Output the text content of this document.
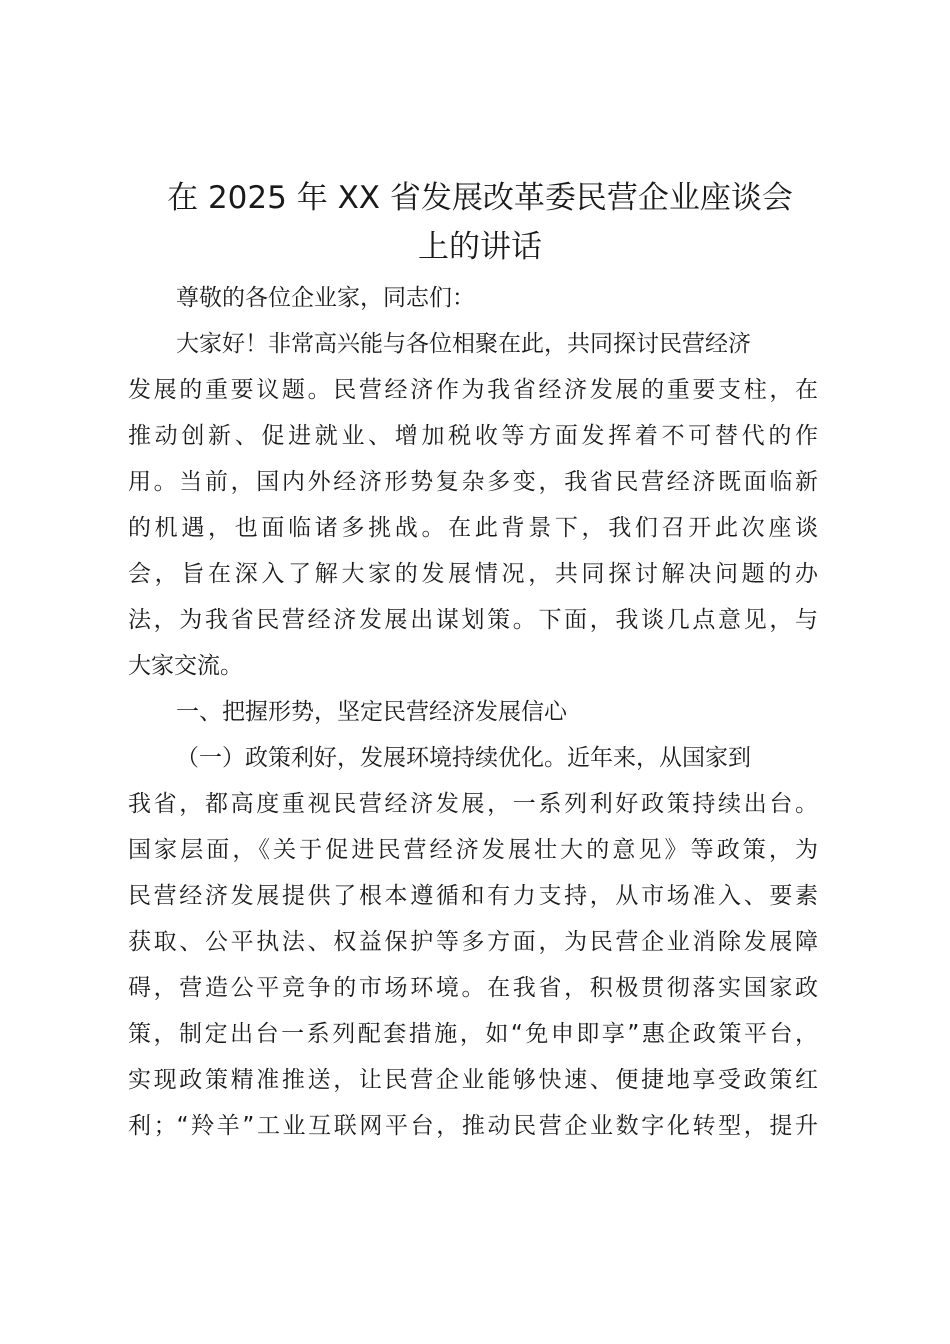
在 2025 年 XX 省发展改革委民营企业座谈会
上的讲话

尊敬的各位企业家，同志们：

大家好！非常高兴能与各位相聚在此，共同探讨民营经济

发展的重要议题。民营经济作为我省经济发展的重要支柱，在

推动创新、促进就业、增加税收等方面发挥着不可替代的作

用。当前，国内外经济形势复杂多变，我省民营经济既面临新

的机遇，也面临诸多挑战。在此背景下，我们召开此次座谈

会，旨在深入了解大家的发展情况，共同探讨解决问题的办

法，为我省民营经济发展出谋划策。下面，我谈几点意见，与

大家交流。

一、把握形势，坚定民营经济发展信心

（一）政策利好，发展环境持续优化。近年来，从国家到

我省，都高度重视民营经济发展，一系列利好政策持续出台。

国家层面，《关于促进民营经济发展壮大的意见》等政策，为

民营经济发展提供了根本遵循和有力支持，从市场准入、要素

获取、公平执法、权益保护等多方面，为民营企业消除发展障

碍，营造公平竞争的市场环境。在我省，积极贯彻落实国家政

策，制定出台一系列配套措施，如“免申即享”惠企政策平台，

实现政策精准推送，让民营企业能够快速、便捷地享受政策红

利；“羚羊”工业互联网平台，推动民营企业数字化转型，提升
